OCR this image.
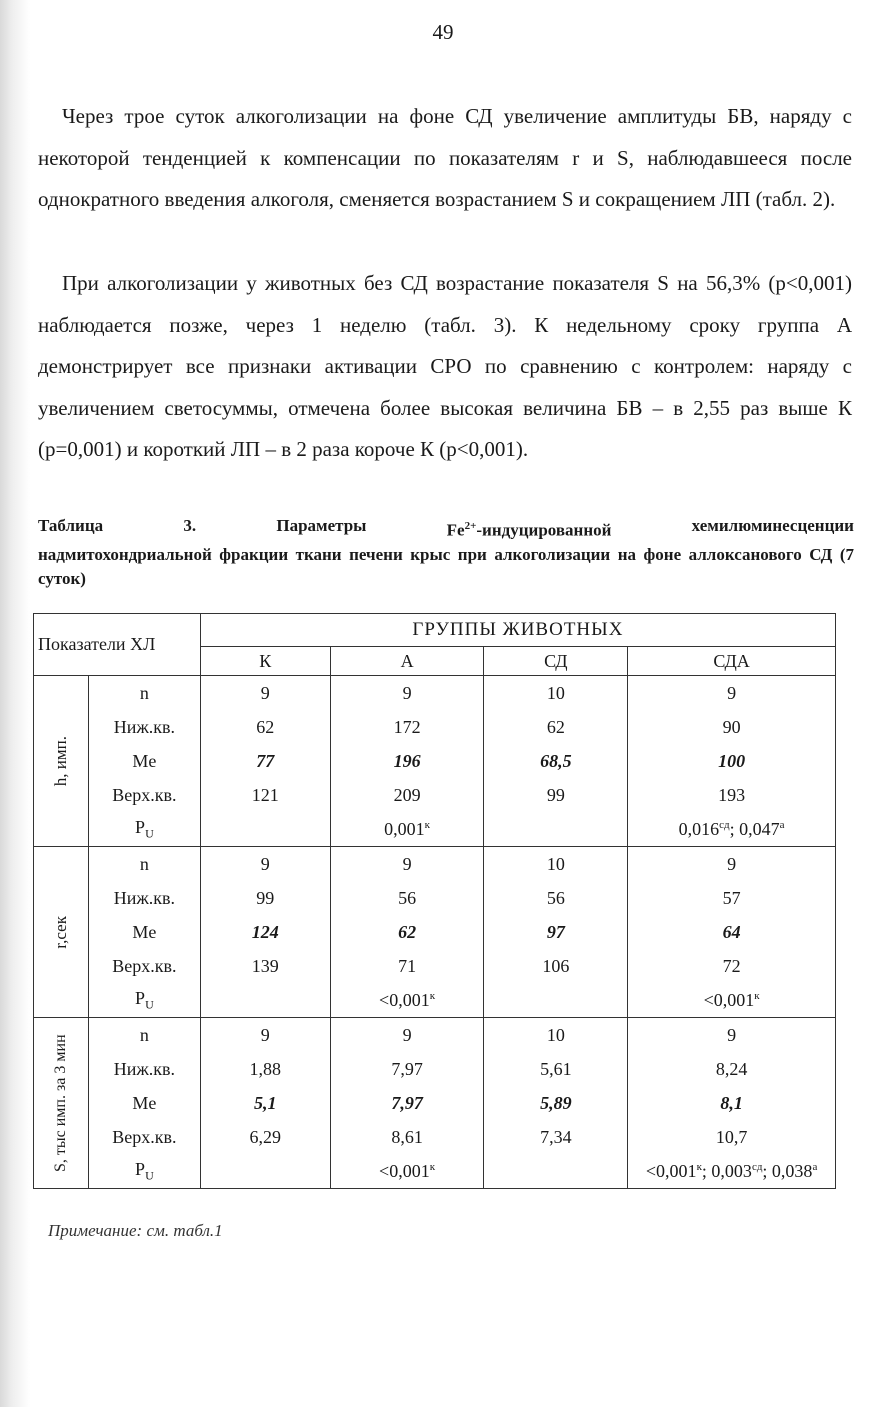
49

Через трое суток алкоголизации на фоне СД увеличение амплитуды БВ, наряду с некоторой тенденцией к компенсации по показателям r и S, наблюдавшееся после однократного введения алкоголя, сменяется возрастанием S и сокращением ЛП (табл. 2).

При алкоголизации у животных без СД возрастание показателя S на 56,3% (p<0,001) наблюдается позже, через 1 неделю (табл. 3). К недельному сроку группа А демонстрирует все признаки активации СРО по сравнению с контролем: наряду с увеличением светосуммы, отмечена более высокая величина БВ – в 2,55 раз выше К (p=0,001) и короткий ЛП – в 2 раза короче К (p<0,001).

Таблица	3.	Параметры	$Fe^{2+}$-индуцированной	хемилюминесценции
надмитохондриальной фракции ткани печени крыс при алкоголизации на фоне аллоксанового СД (7 суток)
Показатели ХЛ		ГРУППЫ ЖИВОТНЫХ			
		К	А	СД	СДА

h, имп.	n	9	9	10	9
	Ниж.кв.	62	172	62	90
	Me	77	196	68,5	100
	Верх.кв.	121	209	99	193
	$P_U$		$0,001^к$		$0,016^{сд}$; $0,047^а$

r,сек	n	9	9	10	9
	Ниж.кв.	99	56	56	57
	Me	124	62	97	64
	Верх.кв.	139	71	106	72
	$P_U$		$<0,001^к$		$<0,001^к$

S, тыс имп. за 3 мин	n	9	9	10	9
	Ниж.кв.	1,88	7,97	5,61	8,24
	Me	5,1	7,97	5,89	8,1
	Верх.кв.	6,29	8,61	7,34	10,7
	$P_U$		$<0,001^к$		$<0,001^к$; $0,003^{сд}$; $0,038^а$
Примечание: см. табл.1
